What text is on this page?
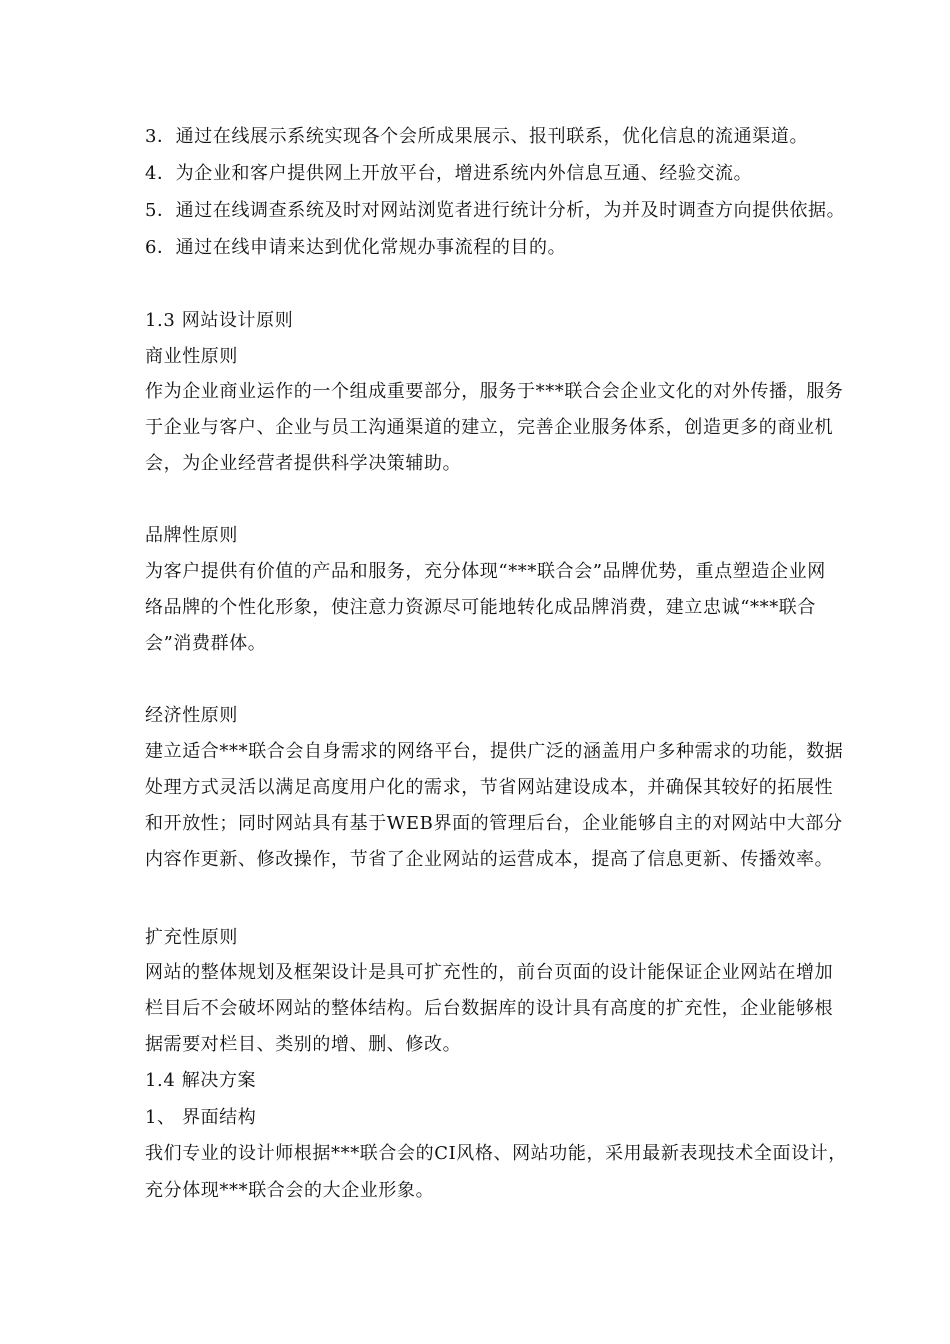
3．通过在线展示系统实现各个会所成果展示、报刊联系，优化信息的流通渠道。
4．为企业和客户提供网上开放平台，增进系统内外信息互通、经验交流。
5．通过在线调查系统及时对网站浏览者进行统计分析，为并及时调查方向提供依据。
6．通过在线申请来达到优化常规办事流程的目的。
1.3 网站设计原则
商业性原则
作为企业商业运作的一个组成重要部分，服务于***联合会企业文化的对外传播，服务
于企业与客户、企业与员工沟通渠道的建立，完善企业服务体系，创造更多的商业机
会，为企业经营者提供科学决策辅助。
品牌性原则
为客户提供有价值的产品和服务，充分体现“***联合会”品牌优势，重点塑造企业网
络品牌的个性化形象，使注意力资源尽可能地转化成品牌消费，建立忠诚“***联合
会”消费群体。
经济性原则
建立适合***联合会自身需求的网络平台，提供广泛的涵盖用户多种需求的功能，数据
处理方式灵活以满足高度用户化的需求，节省网站建设成本，并确保其较好的拓展性
和开放性；同时网站具有基于WEB界面的管理后台，企业能够自主的对网站中大部分
内容作更新、修改操作，节省了企业网站的运营成本，提高了信息更新、传播效率。
扩充性原则
网站的整体规划及框架设计是具可扩充性的，前台页面的设计能保证企业网站在增加
栏目后不会破坏网站的整体结构。后台数据库的设计具有高度的扩充性，企业能够根
据需要对栏目、类别的增、删、修改。
1.4 解决方案
1、 界面结构
我们专业的设计师根据***联合会的CI风格、网站功能，采用最新表现技术全面设计，
充分体现***联合会的大企业形象。
